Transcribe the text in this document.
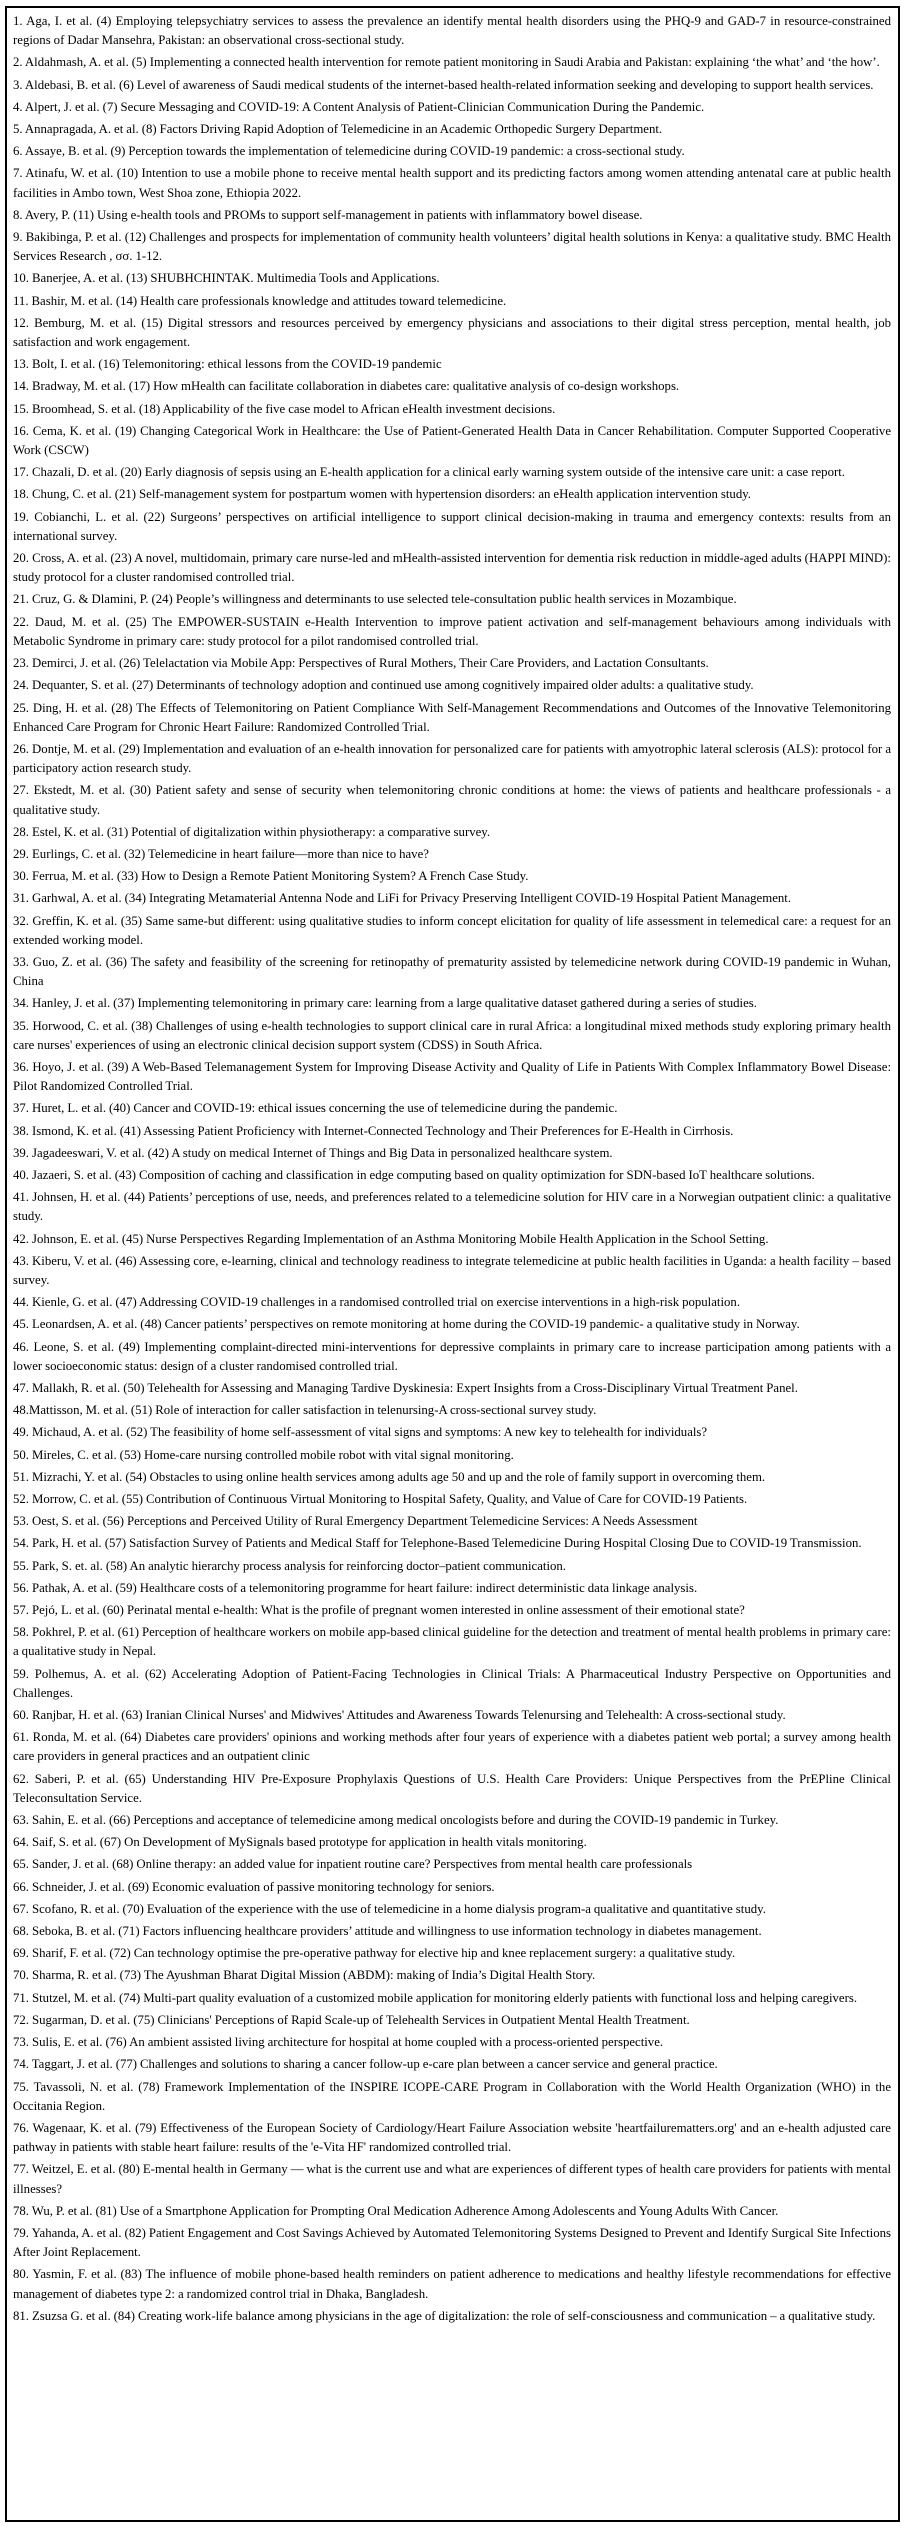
1. Aga, I. et al. (4) Employing telepsychiatry services to assess the prevalence an identify mental health disorders using the PHQ-9 and GAD-7 in resource-constrained regions of Dadar Mansehra, Pakistan: an observational cross-sectional study.

2. Aldahmash, A. et al. (5) Implementing a connected health intervention for remote patient monitoring in Saudi Arabia and Pakistan: explaining ‘the what’ and ‘the how’.

3. Aldebasi, B. et al. (6) Level of awareness of Saudi medical students of the internet-based health-related information seeking and developing to support health services.

4. Alpert, J. et al. (7) Secure Messaging and COVID-19: A Content Analysis of Patient-Clinician Communication During the Pandemic.

5. Annapragada, A. et al. (8) Factors Driving Rapid Adoption of Telemedicine in an Academic Orthopedic Surgery Department.

6. Assaye, B. et al. (9) Perception towards the implementation of telemedicine during COVID-19 pandemic: a cross-sectional study.

7. Atinafu, W. et al. (10) Intention to use a mobile phone to receive mental health support and its predicting factors among women attending antenatal care at public health facilities in Ambo town, West Shoa zone, Ethiopia 2022.

8. Avery, P. (11) Using e-health tools and PROMs to support self-management in patients with inflammatory bowel disease.

9. Bakibinga, P. et al. (12) Challenges and prospects for implementation of community health volunteers’ digital health solutions in Kenya: a qualitative study. BMC Health Services Research , σσ. 1-12.

10. Banerjee, A. et al. (13) SHUBHCHINTAK. Multimedia Tools and Applications.

11. Bashir, M. et al. (14) Health care professionals knowledge and attitudes toward telemedicine.

12. Bemburg, M. et al. (15) Digital stressors and resources perceived by emergency physicians and associations to their digital stress perception, mental health, job satisfaction and work engagement.

13. Bolt, I. et al. (16) Telemonitoring: ethical lessons from the COVID-19 pandemic

14. Bradway, M. et al. (17) How mHealth can facilitate collaboration in diabetes care: qualitative analysis of co-design workshops.

15. Broomhead, S. et al. (18) Applicability of the five case model to African eHealth investment decisions.

16. Cema, K. et al. (19) Changing Categorical Work in Healthcare: the Use of Patient-Generated Health Data in Cancer Rehabilitation. Computer Supported Cooperative Work (CSCW)

17. Chazali, D. et al. (20) Early diagnosis of sepsis using an E-health application for a clinical early warning system outside of the intensive care unit: a case report.

18. Chung, C. et al. (21) Self-management system for postpartum women with hypertension disorders: an eHealth application intervention study.

19. Cobianchi, L. et al. (22) Surgeons’ perspectives on artificial intelligence to support clinical decision-making in trauma and emergency contexts: results from an international survey.

20. Cross, A. et al. (23) A novel, multidomain, primary care nurse-led and mHealth-assisted intervention for dementia risk reduction in middle-aged adults (HAPPI MIND): study protocol for a cluster randomised controlled trial.

21. Cruz, G. & Dlamini, P. (24) People’s willingness and determinants to use selected tele-consultation public health services in Mozambique.

22. Daud, M. et al. (25) The EMPOWER-SUSTAIN e-Health Intervention to improve patient activation and self-management behaviours among individuals with Metabolic Syndrome in primary care: study protocol for a pilot randomised controlled trial.

23. Demirci, J. et al. (26) Telelactation via Mobile App: Perspectives of Rural Mothers, Their Care Providers, and Lactation Consultants.

24. Dequanter, S. et al. (27) Determinants of technology adoption and continued use among cognitively impaired older adults: a qualitative study.

25. Ding, H. et al. (28) The Effects of Telemonitoring on Patient Compliance With Self-Management Recommendations and Outcomes of the Innovative Telemonitoring Enhanced Care Program for Chronic Heart Failure: Randomized Controlled Trial.

26. Dontje, M. et al. (29) Implementation and evaluation of an e-health innovation for personalized care for patients with amyotrophic lateral sclerosis (ALS): protocol for a participatory action research study.

27. Ekstedt, M. et al. (30) Patient safety and sense of security when telemonitoring chronic conditions at home: the views of patients and healthcare professionals - a qualitative study.

28. Estel, K. et al. (31) Potential of digitalization within physiotherapy: a comparative survey.

29. Eurlings, C. et al. (32) Telemedicine in heart failure—more than nice to have?

30. Ferrua, M. et al. (33) How to Design a Remote Patient Monitoring System? A French Case Study.

31. Garhwal, A. et al. (34) Integrating Metamaterial Antenna Node and LiFi for Privacy Preserving Intelligent COVID-19 Hospital Patient Management.

32. Greffin, K. et al. (35) Same same-but different: using qualitative studies to inform concept elicitation for quality of life assessment in telemedical care: a request for an extended working model.

33. Guo, Z. et al. (36) The safety and feasibility of the screening for retinopathy of prematurity assisted by telemedicine network during COVID-19 pandemic in Wuhan, China

34. Hanley, J. et al. (37) Implementing telemonitoring in primary care: learning from a large qualitative dataset gathered during a series of studies.

35. Horwood, C. et al. (38) Challenges of using e-health technologies to support clinical care in rural Africa: a longitudinal mixed methods study exploring primary health care nurses' experiences of using an electronic clinical decision support system (CDSS) in South Africa.

36. Hoyo, J. et al. (39) A Web-Based Telemanagement System for Improving Disease Activity and Quality of Life in Patients With Complex Inflammatory Bowel Disease: Pilot Randomized Controlled Trial.

37. Huret, L. et al. (40) Cancer and COVID-19: ethical issues concerning the use of telemedicine during the pandemic.

38. Ismond, K. et al. (41) Assessing Patient Proficiency with Internet-Connected Technology and Their Preferences for E-Health in Cirrhosis.

39. Jagadeeswari, V. et al. (42) A study on medical Internet of Things and Big Data in personalized healthcare system.

40. Jazaeri, S. et al. (43) Composition of caching and classification in edge computing based on quality optimization for SDN-based IoT healthcare solutions.

41. Johnsen, H. et al. (44) Patients’ perceptions of use, needs, and preferences related to a telemedicine solution for HIV care in a Norwegian outpatient clinic: a qualitative study.

42. Johnson, E. et al. (45) Nurse Perspectives Regarding Implementation of an Asthma Monitoring Mobile Health Application in the School Setting.

43. Kiberu, V. et al. (46) Assessing core, e-learning, clinical and technology readiness to integrate telemedicine at public health facilities in Uganda: a health facility – based survey.

44. Kienle, G. et al. (47) Addressing COVID-19 challenges in a randomised controlled trial on exercise interventions in a high-risk population.

45. Leonardsen, A. et al. (48) Cancer patients’ perspectives on remote monitoring at home during the COVID-19 pandemic- a qualitative study in Norway.

46. Leone, S. et al. (49) Implementing complaint-directed mini-interventions for depressive complaints in primary care to increase participation among patients with a lower socioeconomic status: design of a cluster randomised controlled trial.

47. Mallakh, R. et al. (50) Telehealth for Assessing and Managing Tardive Dyskinesia: Expert Insights from a Cross-Disciplinary Virtual Treatment Panel.

48.Mattisson, M. et al. (51) Role of interaction for caller satisfaction in telenursing-A cross-sectional survey study.

49. Michaud, A. et al. (52) The feasibility of home self-assessment of vital signs and symptoms: A new key to telehealth for individuals?

50. Mireles, C. et al. (53) Home-care nursing controlled mobile robot with vital signal monitoring.

51. Mizrachi, Y. et al. (54) Obstacles to using online health services among adults age 50 and up and the role of family support in overcoming them.

52. Morrow, C. et al. (55) Contribution of Continuous Virtual Monitoring to Hospital Safety, Quality, and Value of Care for COVID-19 Patients.

53. Oest, S. et al. (56) Perceptions and Perceived Utility of Rural Emergency Department Telemedicine Services: A Needs Assessment

54. Park, H. et al. (57) Satisfaction Survey of Patients and Medical Staff for Telephone-Based Telemedicine During Hospital Closing Due to COVID-19 Transmission.

55. Park, S. et. al. (58) An analytic hierarchy process analysis for reinforcing doctor–patient communication.

56. Pathak, A. et al. (59) Healthcare costs of a telemonitoring programme for heart failure: indirect deterministic data linkage analysis.

57. Pejó, L. et al. (60) Perinatal mental e-health: What is the profile of pregnant women interested in online assessment of their emotional state?

58. Pokhrel, P. et al. (61) Perception of healthcare workers on mobile app-based clinical guideline for the detection and treatment of mental health problems in primary care: a qualitative study in Nepal.

59. Polhemus, A. et al. (62) Accelerating Adoption of Patient-Facing Technologies in Clinical Trials: A Pharmaceutical Industry Perspective on Opportunities and Challenges.

60. Ranjbar, H. et al. (63) Iranian Clinical Nurses' and Midwives' Attitudes and Awareness Towards Telenursing and Telehealth: A cross-sectional study.

61. Ronda, M. et al. (64) Diabetes care providers' opinions and working methods after four years of experience with a diabetes patient web portal; a survey among health care providers in general practices and an outpatient clinic

62. Saberi, P. et al. (65) Understanding HIV Pre-Exposure Prophylaxis Questions of U.S. Health Care Providers: Unique Perspectives from the PrEPline Clinical Teleconsultation Service.

63. Sahin, E. et al. (66) Perceptions and acceptance of telemedicine among medical oncologists before and during the COVID-19 pandemic in Turkey.

64. Saif, S. et al. (67) On Development of MySignals based prototype for application in health vitals monitoring.

65. Sander, J. et al. (68) Online therapy: an added value for inpatient routine care? Perspectives from mental health care professionals

66. Schneider, J. et al. (69) Economic evaluation of passive monitoring technology for seniors.

67. Scofano, R. et al. (70) Evaluation of the experience with the use of telemedicine in a home dialysis program-a qualitative and quantitative study.

68. Seboka, B. et al. (71) Factors influencing healthcare providers’ attitude and willingness to use information technology in diabetes management.

69. Sharif, F. et al. (72) Can technology optimise the pre-operative pathway for elective hip and knee replacement surgery: a qualitative study.

70. Sharma, R. et al. (73) The Ayushman Bharat Digital Mission (ABDM): making of India’s Digital Health Story.

71. Stutzel, M. et al. (74) Multi-part quality evaluation of a customized mobile application for monitoring elderly patients with functional loss and helping caregivers.

72. Sugarman, D. et al. (75) Clinicians' Perceptions of Rapid Scale-up of Telehealth Services in Outpatient Mental Health Treatment.

73. Sulis, E. et al. (76) An ambient assisted living architecture for hospital at home coupled with a process-oriented perspective.

74. Taggart, J. et al. (77) Challenges and solutions to sharing a cancer follow-up e-care plan between a cancer service and general practice.

75. Tavassoli, N. et al. (78) Framework Implementation of the INSPIRE ICOPE-CARE Program in Collaboration with the World Health Organization (WHO) in the Occitania Region.

76. Wagenaar, K. et al. (79) Effectiveness of the European Society of Cardiology/Heart Failure Association website 'heartfailurematters.org' and an e-health adjusted care pathway in patients with stable heart failure: results of the 'e-Vita HF' randomized controlled trial.

77. Weitzel, E. et al. (80) E-mental health in Germany — what is the current use and what are experiences of different types of health care providers for patients with mental illnesses?

78. Wu, P. et al. (81) Use of a Smartphone Application for Prompting Oral Medication Adherence Among Adolescents and Young Adults With Cancer.

79. Yahanda, A. et al. (82) Patient Engagement and Cost Savings Achieved by Automated Telemonitoring Systems Designed to Prevent and Identify Surgical Site Infections After Joint Replacement.

80. Yasmin, F. et al. (83) The influence of mobile phone-based health reminders on patient adherence to medications and healthy lifestyle recommendations for effective management of diabetes type 2: a randomized control trial in Dhaka, Bangladesh.

81. Zsuzsa G. et al. (84) Creating work-life balance among physicians in the age of digitalization: the role of self-consciousness and communication – a qualitative study.
